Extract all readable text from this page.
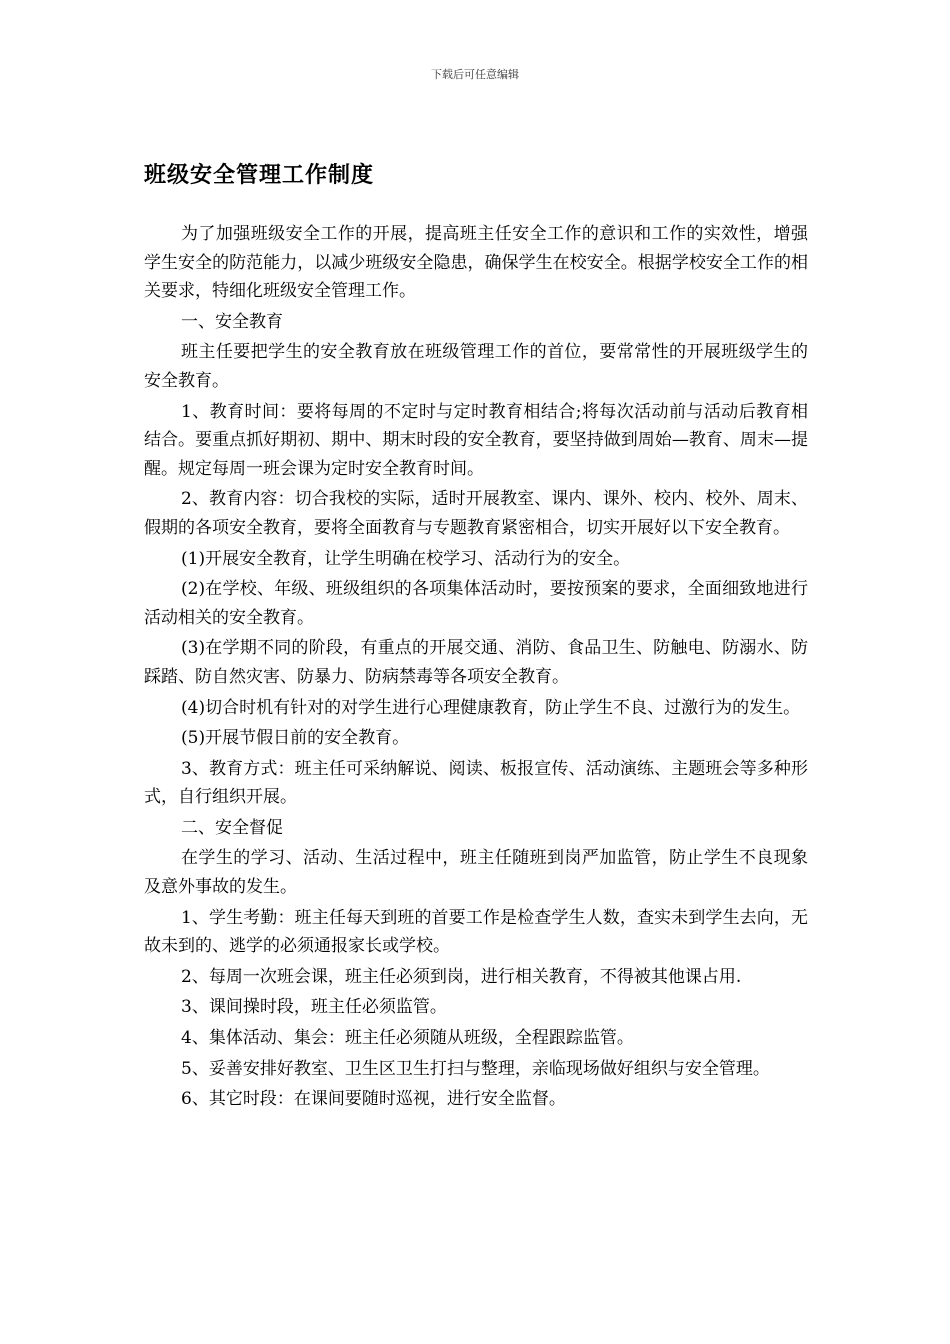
下载后可任意编辑
班级安全管理工作制度

为了加强班级安全工作的开展，提高班主任安全工作的意识和工作的实效性，增强学生安全的防范能力，以减少班级安全隐患，确保学生在校安全。根据学校安全工作的相关要求，特细化班级安全管理工作。

一、安全教育

班主任要把学生的安全教育放在班级管理工作的首位，要常常性的开展班级学生的安全教育。

1、教育时间：要将每周的不定时与定时教育相结合;将每次活动前与活动后教育相结合。要重点抓好期初、期中、期末时段的安全教育，要坚持做到周始—教育、周末—提醒。规定每周一班会课为定时安全教育时间。

2、教育内容：切合我校的实际，适时开展教室、课内、课外、校内、校外、周末、假期的各项安全教育，要将全面教育与专题教育紧密相合，切实开展好以下安全教育。

(1)开展安全教育，让学生明确在校学习、活动行为的安全。

(2)在学校、年级、班级组织的各项集体活动时，要按预案的要求，全面细致地进行活动相关的安全教育。

(3)在学期不同的阶段，有重点的开展交通、消防、食品卫生、防触电、防溺水、防踩踏、防自然灾害、防暴力、防病禁毒等各项安全教育。

(4)切合时机有针对的对学生进行心理健康教育，防止学生不良、过激行为的发生。

(5)开展节假日前的安全教育。

3、教育方式：班主任可采纳解说、阅读、板报宣传、活动演练、主题班会等多种形式，自行组织开展。

二、安全督促

在学生的学习、活动、生活过程中，班主任随班到岗严加监管，防止学生不良现象及意外事故的发生。

1、学生考勤：班主任每天到班的首要工作是检查学生人数，查实未到学生去向，无故未到的、逃学的必须通报家长或学校。

2、每周一次班会课，班主任必须到岗，进行相关教育，不得被其他课占用.

3、课间操时段，班主任必须监管。

4、集体活动、集会：班主任必须随从班级，全程跟踪监管。

5、妥善安排好教室、卫生区卫生打扫与整理，亲临现场做好组织与安全管理。

6、其它时段：在课间要随时巡视，进行安全监督。
